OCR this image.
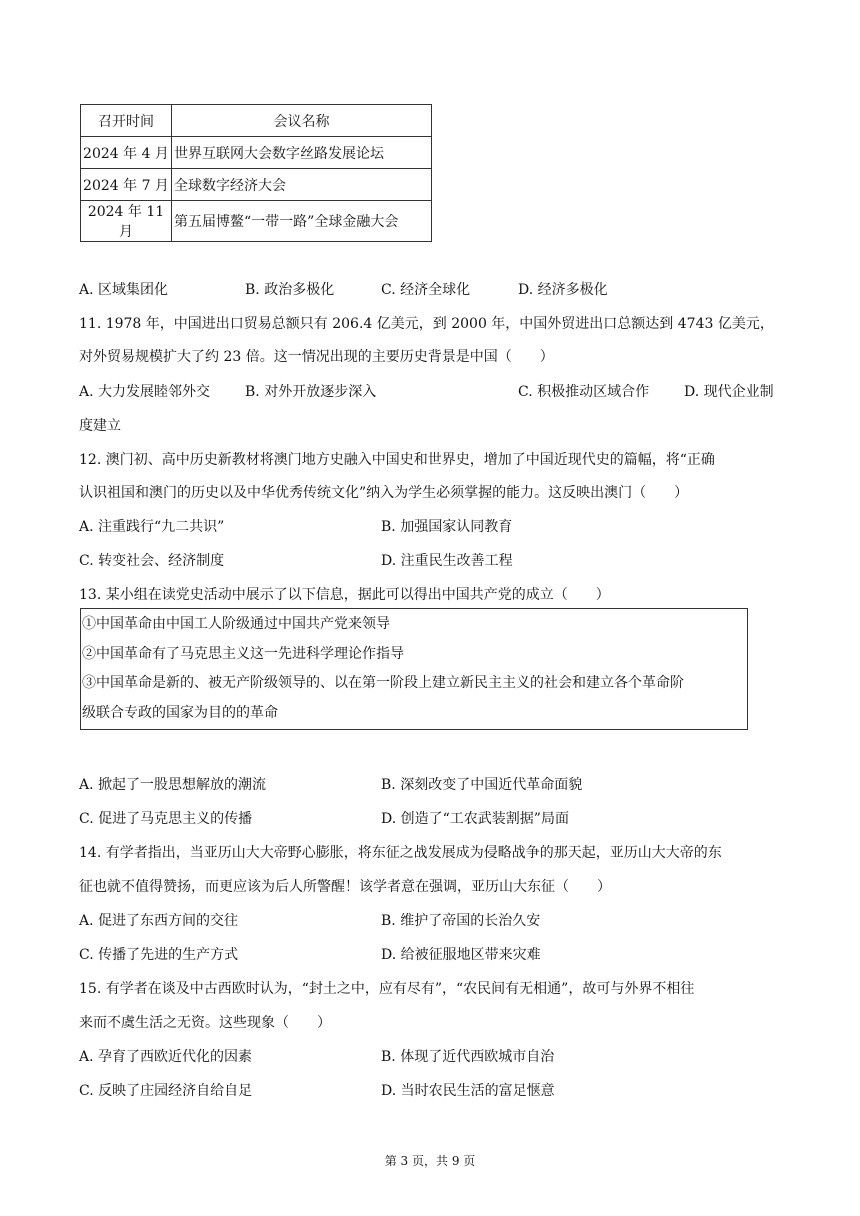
召开时间	会议名称
2024 年 4 月	世界互联网大会数字丝路发展论坛
2024 年 7 月	全球数字经济大会
2024 年 11 月	第五届博鳌“一带一路”全球金融大会
A. 区域集团化	B. 政治多极化	C. 经济全球化	D. 经济多极化
11. 1978 年，中国进出口贸易总额只有 206.4 亿美元，到 2000 年，中国外贸进出口总额达到 4743 亿美元，
对外贸易规模扩大了约 23 倍。这一情况出现的主要历史背景是中国（　　）
A. 大力发展睦邻外交 B. 对外开放逐步深入	C. 积极推动区域合作 D. 现代企业制
度建立
12. 澳门初、高中历史新教材将澳门地方史融入中国史和世界史，增加了中国近现代史的篇幅，将“正确
认识祖国和澳门的历史以及中华优秀传统文化”纳入为学生必须掌握的能力。这反映出澳门（　　）
A. 注重践行“九二共识”	B. 加强国家认同教育
C. 转变社会、经济制度	D. 注重民生改善工程
13. 某小组在读党史活动中展示了以下信息，据此可以得出中国共产党的成立（　　）
①中国革命由中国工人阶级通过中国共产党来领导
②中国革命有了马克思主义这一先进科学理论作指导
③中国革命是新的、被无产阶级领导的、以在第一阶段上建立新民主主义的社会和建立各个革命阶
级联合专政的国家为目的的革命
A. 掀起了一股思想解放的潮流	B. 深刻改变了中国近代革命面貌
C. 促进了马克思主义的传播	D. 创造了“工农武装割据”局面
14. 有学者指出，当亚历山大大帝野心膨胀，将东征之战发展成为侵略战争的那天起，亚历山大大帝的东
征也就不值得赞扬，而更应该为后人所警醒！该学者意在强调，亚历山大东征（　　）
A. 促进了东西方间的交往	B. 维护了帝国的长治久安
C. 传播了先进的生产方式	D. 给被征服地区带来灾难
15. 有学者在谈及中古西欧时认为，“封土之中，应有尽有”，“农民间有无相通”，故可与外界不相往
来而不虞生活之无资。这些现象（　　）
A. 孕育了西欧近代化的因素	B. 体现了近代西欧城市自治
C. 反映了庄园经济自给自足	D. 当时农民生活的富足惬意
第 3 页，共 9 页
